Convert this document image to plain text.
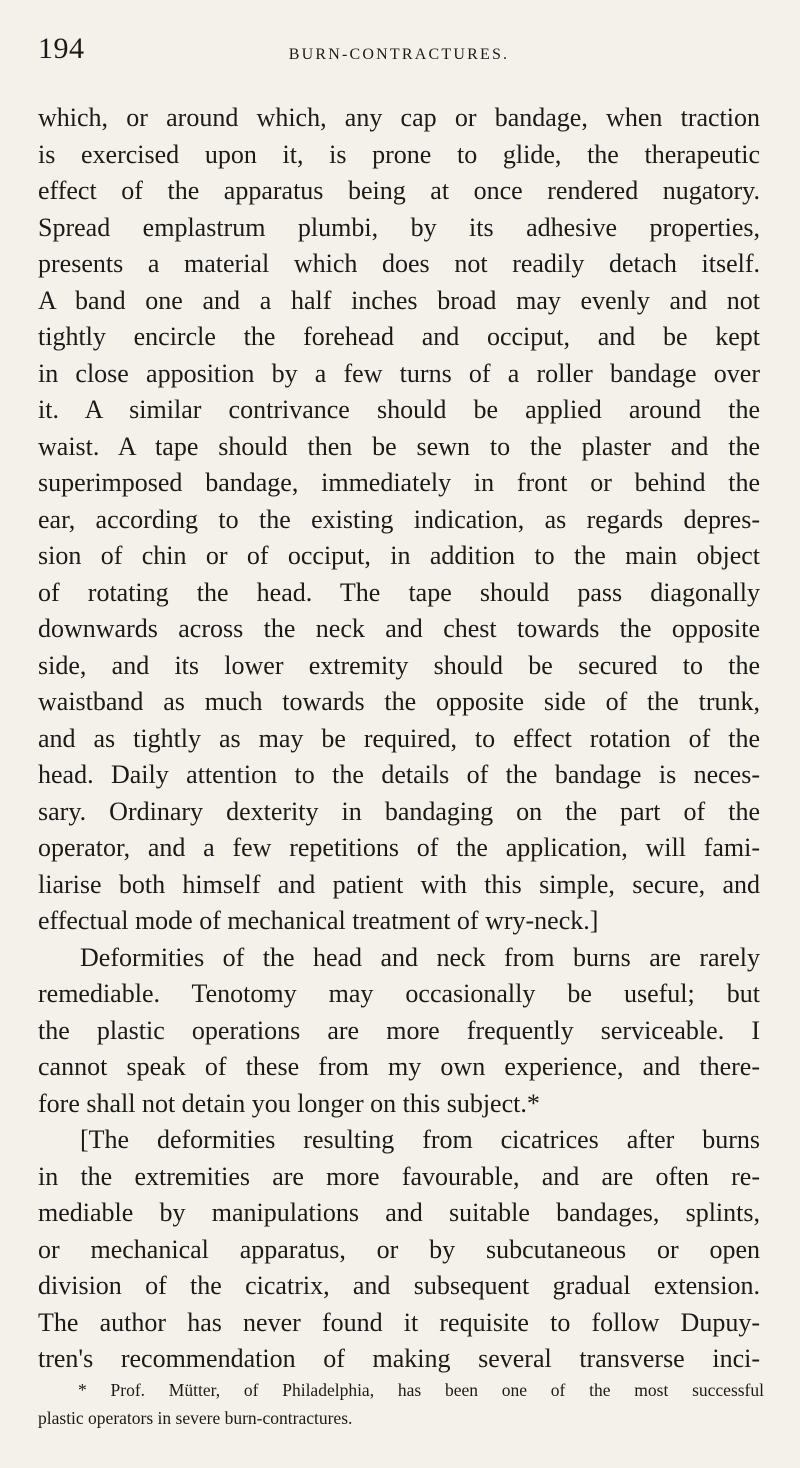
194	BURN-CONTRACTURES.
which, or around which, any cap or bandage, when traction
is exercised upon it, is prone to glide, the therapeutic
effect of the apparatus being at once rendered nugatory.
Spread emplastrum plumbi, by its adhesive properties,
presents a material which does not readily detach itself.
A band one and a half inches broad may evenly and not
tightly encircle the forehead and occiput, and be kept
in close apposition by a few turns of a roller bandage over
it. A similar contrivance should be applied around the
waist. A tape should then be sewn to the plaster and the
superimposed bandage, immediately in front or behind the
ear, according to the existing indication, as regards depres-
sion of chin or of occiput, in addition to the main object
of rotating the head. The tape should pass diagonally
downwards across the neck and chest towards the opposite
side, and its lower extremity should be secured to the
waistband as much towards the opposite side of the trunk,
and as tightly as may be required, to effect rotation of the
head. Daily attention to the details of the bandage is neces-
sary. Ordinary dexterity in bandaging on the part of the
operator, and a few repetitions of the application, will fami-
liarise both himself and patient with this simple, secure, and
effectual mode of mechanical treatment of wry-neck.]
Deformities of the head and neck from burns are rarely
remediable. Tenotomy may occasionally be useful; but
the plastic operations are more frequently serviceable. I
cannot speak of these from my own experience, and there-
fore shall not detain you longer on this subject.*
[The deformities resulting from cicatrices after burns
in the extremities are more favourable, and are often re-
mediable by manipulations and suitable bandages, splints,
or mechanical apparatus, or by subcutaneous or open
division of the cicatrix, and subsequent gradual extension.
The author has never found it requisite to follow Dupuy-
tren's recommendation of making several transverse inci-
* Prof. Mütter, of Philadelphia, has been one of the most successful
plastic operators in severe burn-contractures.
